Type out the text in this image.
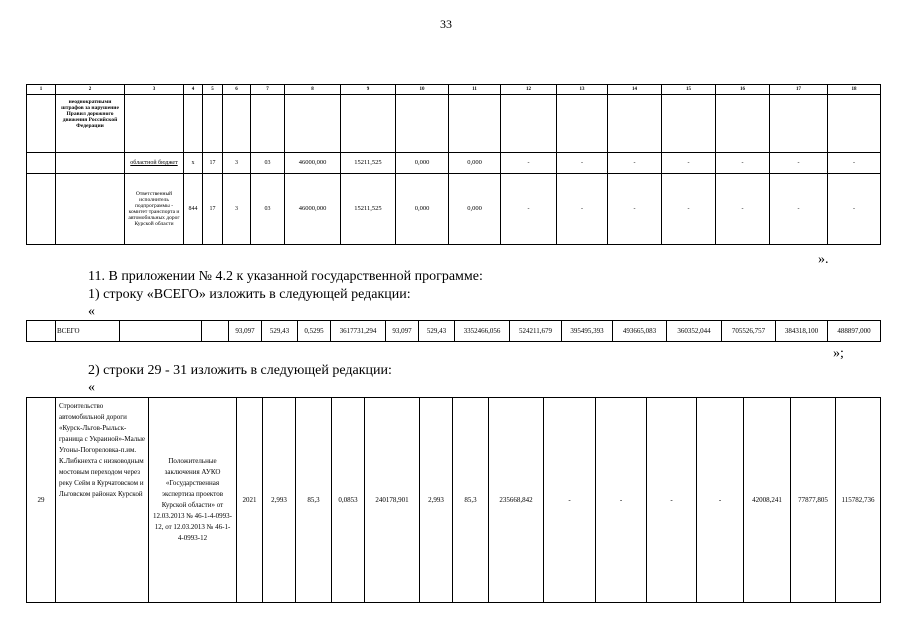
33
1	2	3	4	5	6	7	8	9	10	11	12	13	14	15	16	17	18
	неоднократными штрафов за нарушение Правил дорожного движения Российской Федерации																
		областной бюджет	x	17	3	03	46000,000	15211,525	0,000	0,000	-	-	-	-	-	-	-
		Ответственный исполнитель подпрограммы - комитет транспорта и автомобильных дорог Курской области	844	17	3	03	46000,000	15211,525	0,000	0,000	-	-	-	-	-	-	-
».
11. В приложении № 4.2 к указанной государственной программе:
1) строку «ВСЕГО» изложить в следующей редакции:
«
	ВСЕГО			93,097	529,43	0,5295	3617731,294	93,097	529,43	3352466,056	524211,679	395495,393	493665,083	360352,044	705526,757	384318,100	488897,000
»;
2) строки 29 - 31 изложить в следующей редакции:
«
29	Строительство автомобильной дороги «Курск-Льгов-Рыльск-граница с Украиной»-Малые Угоны-Погореловка-п.им. К.Либкнехта с низководным мостовым переходом через реку Сейм в Курчатовском и Льговском районах Курской	Положительные заключения АУКО «Государственная экспертиза проектов Курской области» от 12.03.2013 № 46-1-4-0993-12, от 12.03.2013 № 46-1-4-0993-12	2021	2,993	85,3	0,0853	240178,901	2,993	85,3	235668,842	-	-	-	-	42008,241	77877,805	115782,736
